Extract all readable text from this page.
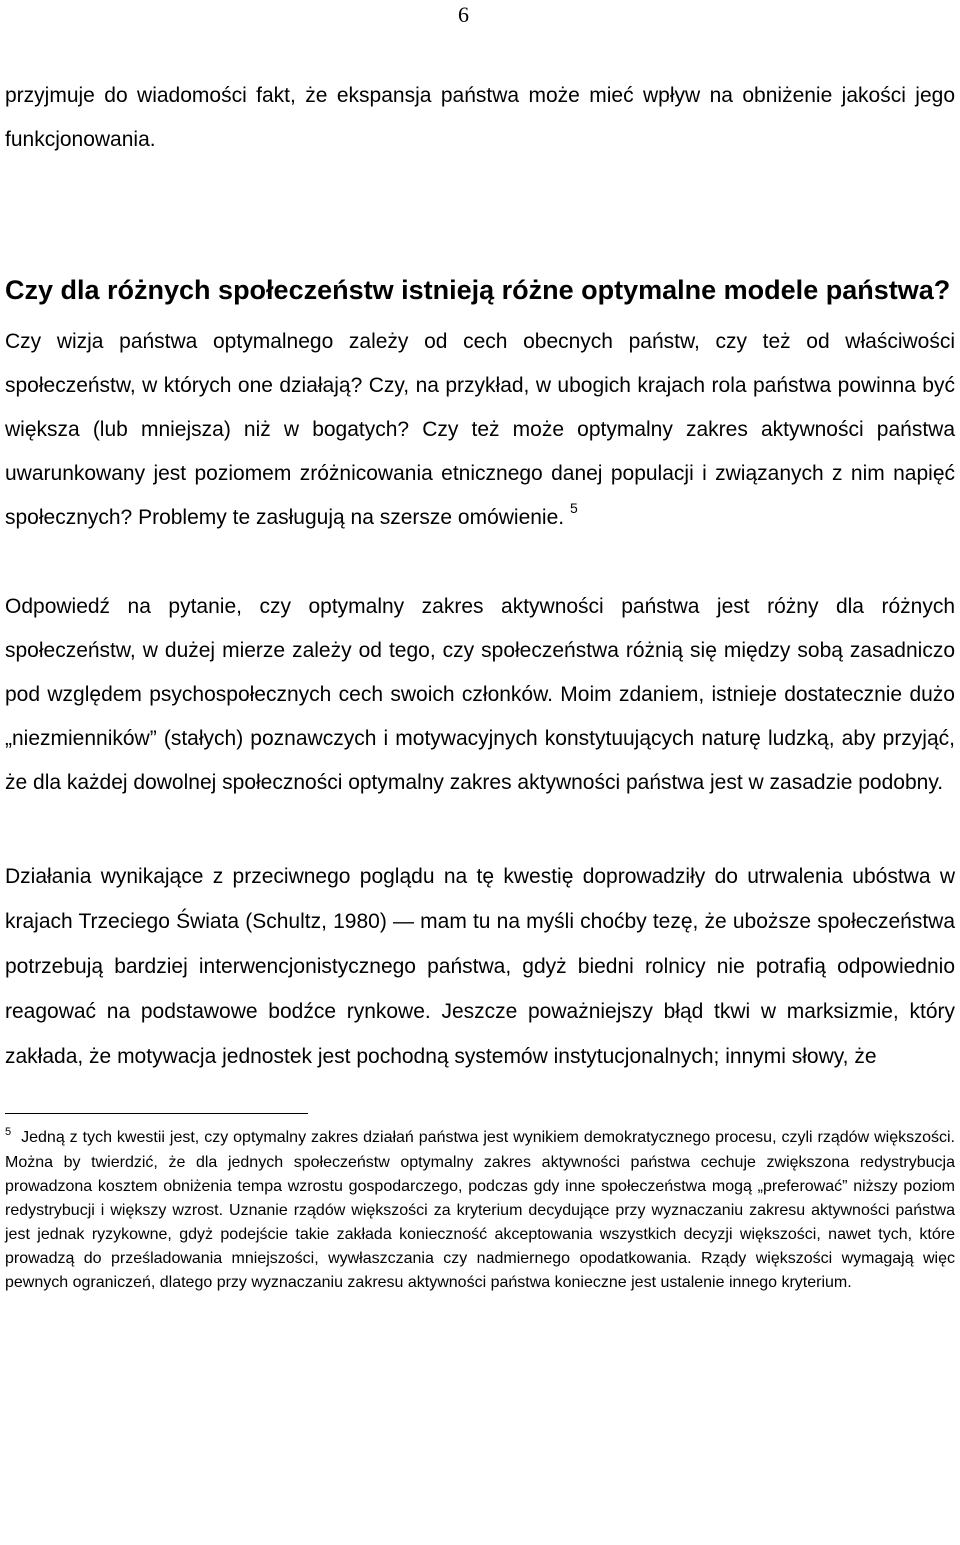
6

przyjmuje do wiadomości fakt, że ekspansja państwa może mieć wpływ na obniżenie jakości jego funkcjonowania.

Czy dla różnych społeczeństw istnieją różne optymalne modele państwa?

Czy wizja państwa optymalnego zależy od cech obecnych państw, czy też od właściwości społeczeństw, w których one działają? Czy, na przykład, w ubogich krajach rola państwa powinna być większa (lub mniejsza) niż w bogatych? Czy też może optymalny zakres aktywności państwa uwarunkowany jest poziomem zróżnicowania etnicznego danej populacji i związanych z nim napięć społecznych? Problemy te zasługują na szersze omówienie. $^5$

Odpowiedź na pytanie, czy optymalny zakres aktywności państwa jest różny dla różnych społeczeństw, w dużej mierze zależy od tego, czy społeczeństwa różnią się między sobą zasadniczo pod względem psychospołecznych cech swoich członków. Moim zdaniem, istnieje dostatecznie dużo „niezmienników” (stałych) poznawczych i motywacyjnych konstytuujących naturę ludzką, aby przyjąć, że dla każdej dowolnej społeczności optymalny zakres aktywności państwa jest w zasadzie podobny.

Działania wynikające z przeciwnego poglądu na tę kwestię doprowadziły do utrwalenia ubóstwa w krajach Trzeciego Świata (Schultz, 1980) — mam tu na myśli choćby tezę, że uboższe społeczeństwa potrzebują bardziej interwencjonistycznego państwa, gdyż biedni rolnicy nie potrafią odpowiednio reagować na podstawowe bodźce rynkowe. Jeszcze poważniejszy błąd tkwi w marksizmie, który zakłada, że motywacja jednostek jest pochodną systemów instytucjonalnych; innymi słowy, że

$^5$ Jedną z tych kwestii jest, czy optymalny zakres działań państwa jest wynikiem demokratycznego procesu, czyli rządów większości. Można by twierdzić, że dla jednych społeczeństw optymalny zakres aktywności państwa cechuje zwiększona redystrybucja prowadzona kosztem obniżenia tempa wzrostu gospodarczego, podczas gdy inne społeczeństwa mogą „preferować” niższy poziom redystrybucji i większy wzrost. Uznanie rządów większości za kryterium decydujące przy wyznaczaniu zakresu aktywności państwa jest jednak ryzykowne, gdyż podejście takie zakłada konieczność akceptowania wszystkich decyzji większości, nawet tych, które prowadzą do prześladowania mniejszości, wywłaszczania czy nadmiernego opodatkowania. Rządy większości wymagają więc pewnych ograniczeń, dlatego przy wyznaczaniu zakresu aktywności państwa konieczne jest ustalenie innego kryterium.
